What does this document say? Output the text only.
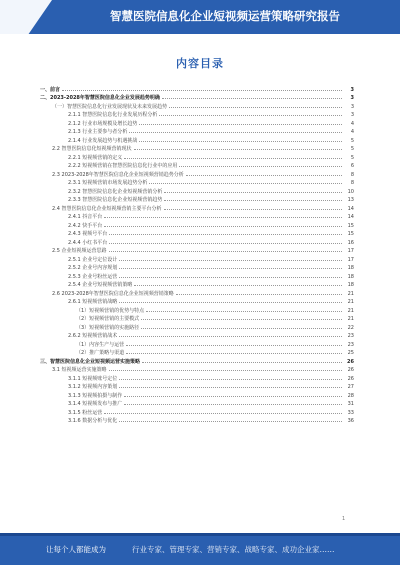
智慧医院信息化企业短视频运营策略研究报告
内容目录
一、前言	3
二、2023-2028年智慧医院信息化企业发展趋势明确	3
（一）智慧医院信息化行业发展现状及未来发展趋势	3
2.1.1 智慧医院信息化行业发展历程分析	3
2.1.2 行业市场规模及增长趋势	4
2.1.3 行业主要参与者分析	4
2.1.4 行业发展趋势与机遇挑战	5
2.2 智慧医院信息化短视频营销现状	5
2.2.1 短视频营销的定义	5
2.2.2 短视频营销在智慧医院信息化行业中的应用	6
2.3 2023-2028年智慧医院信息化企业短视频营销趋势分析	8
2.3.1 短视频营销市场发展趋势分析	8
2.3.2 智慧医院信息化企业短视频营销分析	10
2.3.3 智慧医院信息化企业短视频营销趋势	13
2.4 智慧医院信息化企业短视频营销主要平台分析	14
2.4.1 抖音平台	14
2.4.2 快手平台	15
2.4.3 视频号平台	15
2.4.4 小红书平台	16
2.5 企业短视频运营思路	17
2.5.1 企业号定位设计	17
2.5.2 企业号内容规划	18
2.5.3 企业号粉丝运营	18
2.5.4 企业号短视频营销策略	18
2.6 2023-2028年智慧医院信息化企业短视频营销策略	21
2.6.1 短视频营销战略	21
（1）短视频营销的优势与特点	21
（2）短视频营销的主要模式	21
（3）短视频营销的实施路径	22
2.6.2 短视频营销战术	23
（1）内容生产与运营	23
（2）推广策略与渠道	25
三、智慧医院信息化企业短视频运营实施策略	26
3.1 短视频运营实施策略	26
3.1.1 短视频账号定位	26
3.1.2 短视频内容策划	27
3.1.3 短视频拍摄与制作	28
3.1.4 短视频发布与推广	31
3.1.5 粉丝运营	33
3.1.6 数据分析与优化	36
1
让每个人都能成为	行业专家、管理专家、营销专家、战略专家、成功企业家……
